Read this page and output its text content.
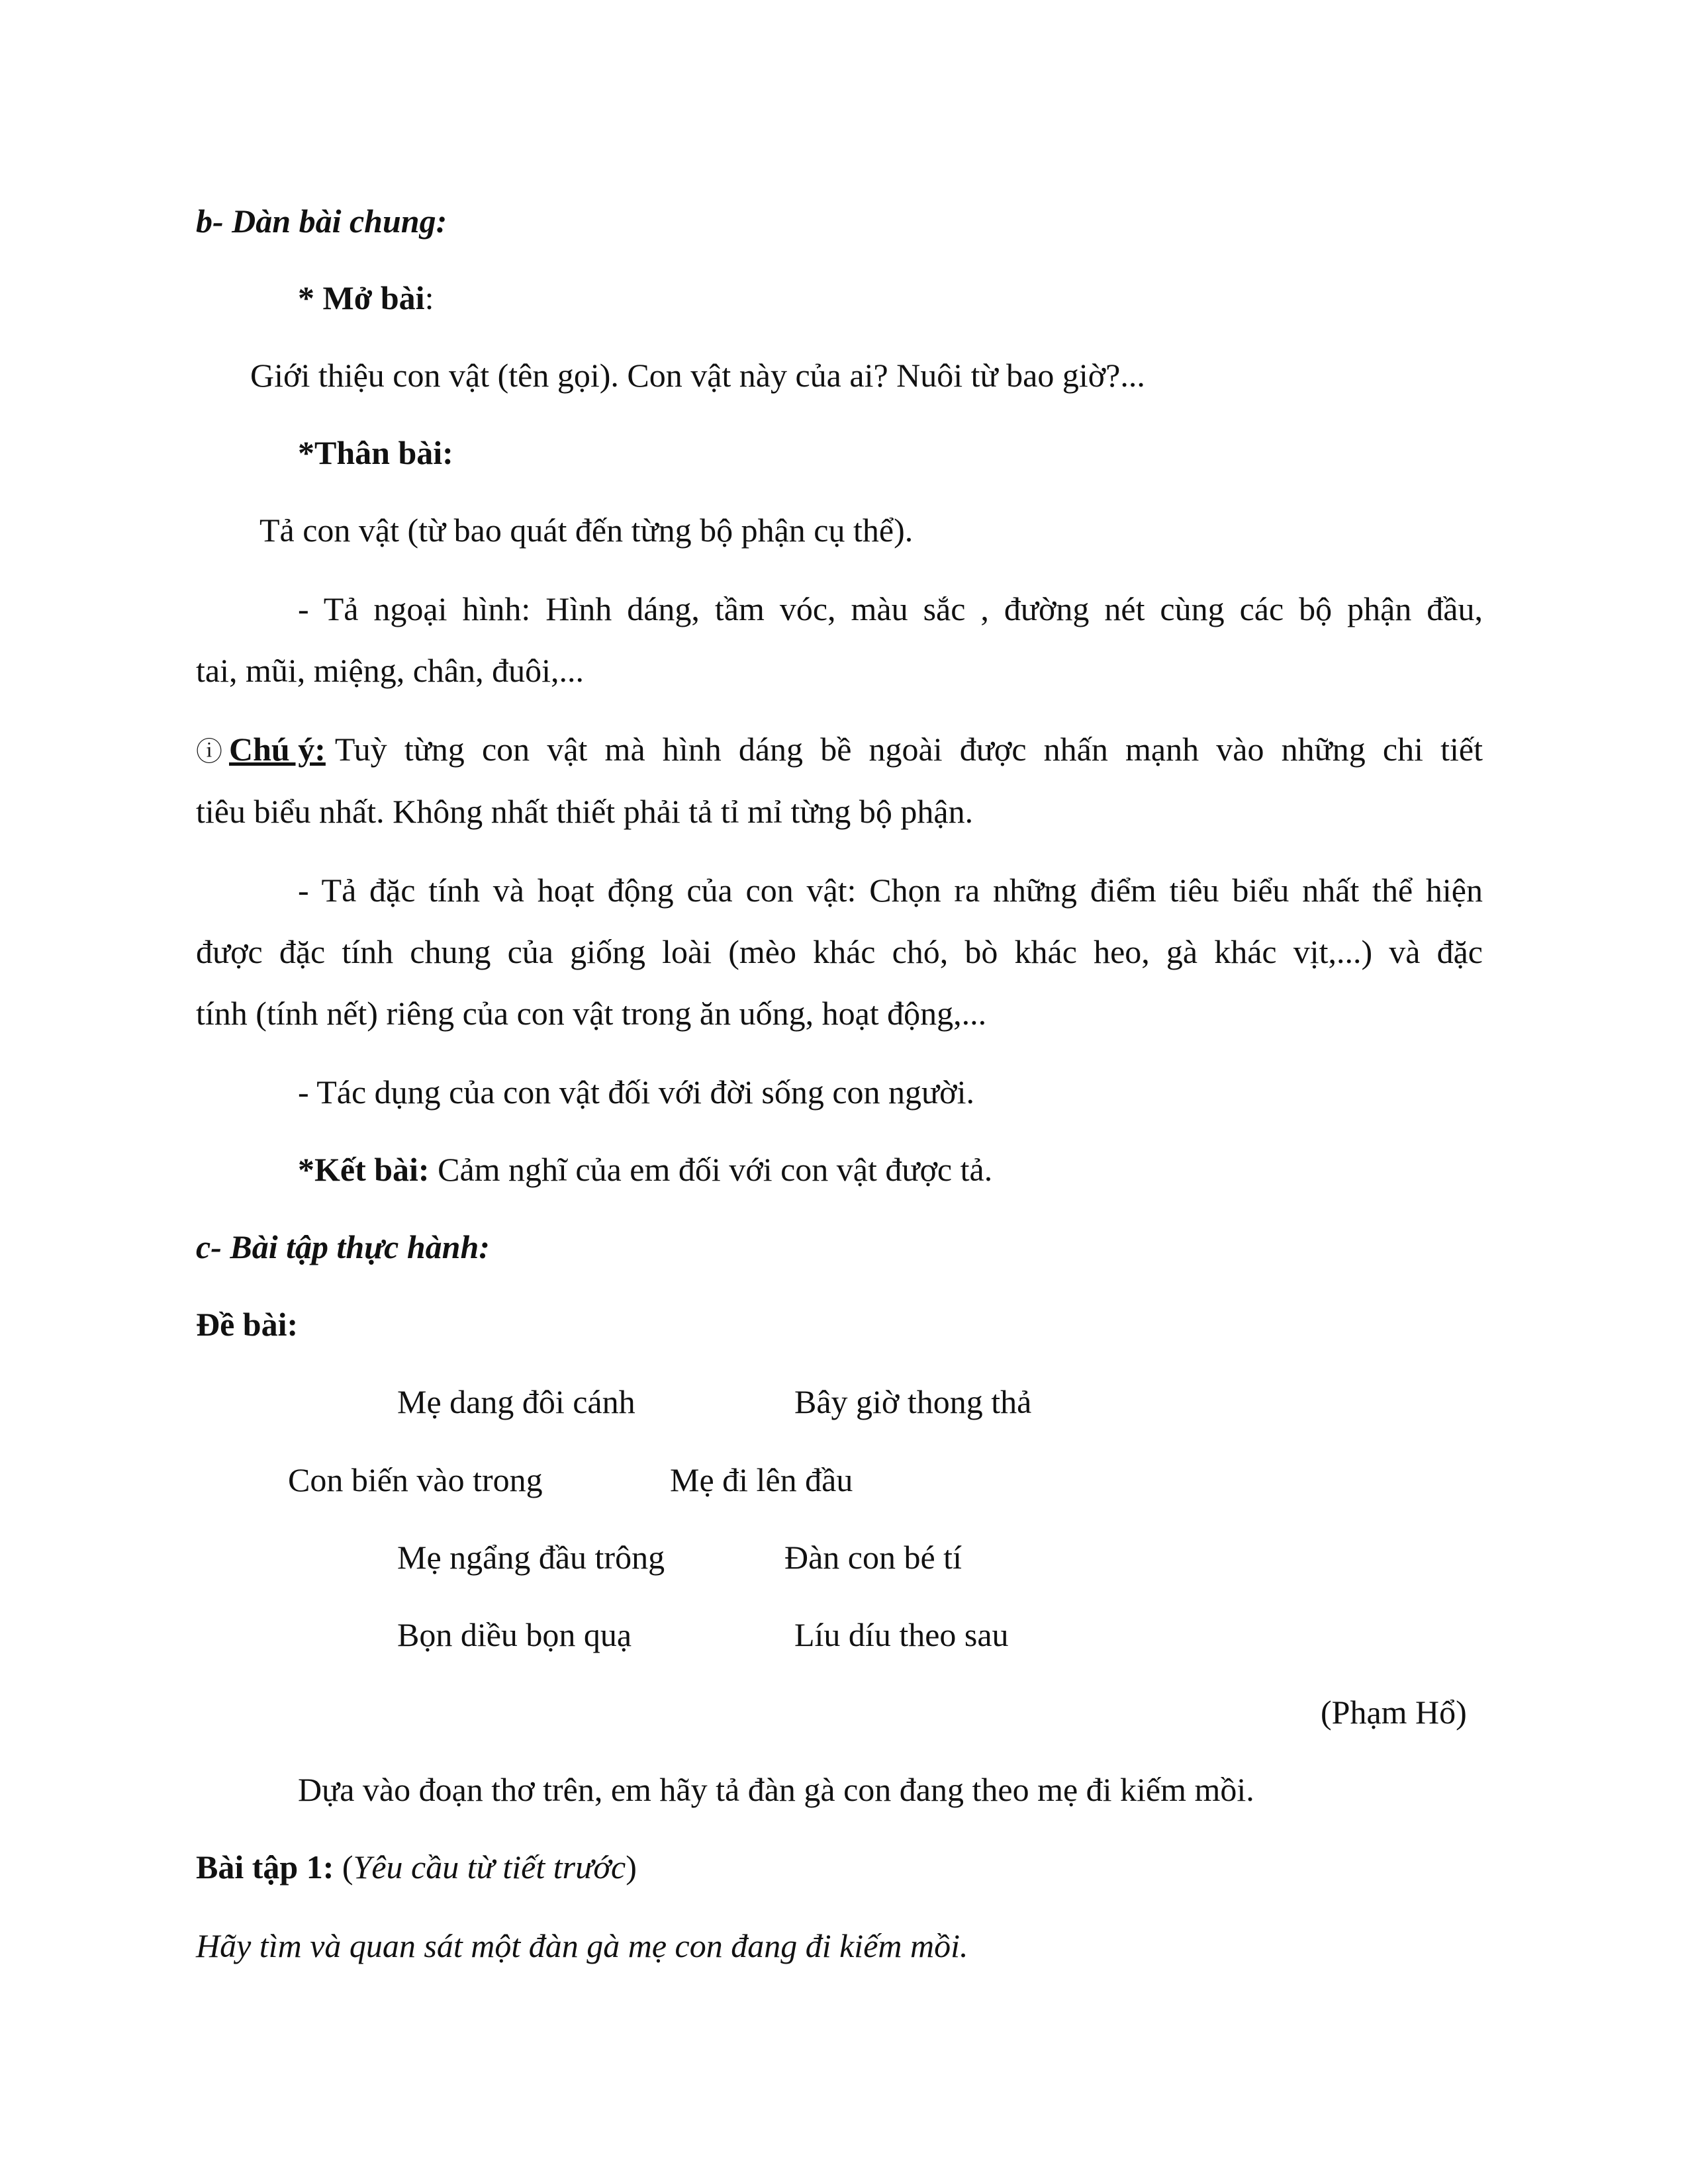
b- Dàn bài chung:
* Mở bài:
Giới thiệu con vật (tên gọi). Con vật này của ai? Nuôi từ bao giờ?...
*Thân bài:
Tả con vật (từ bao quát đến từng bộ phận cụ thể).
- Tả ngoại hình: Hình dáng, tầm vóc, màu sắc , đường nét cùng các bộ phận đầu,
tai, mũi, miệng, chân, đuôi,...
ⓘ Chú ý: Tuỳ từng con vật mà hình dáng bề ngoài được nhấn mạnh vào những chi tiết
tiêu biểu nhất. Không nhất thiết phải tả tỉ mỉ từng bộ phận.
- Tả đặc tính và hoạt động của con vật: Chọn ra những điểm tiêu biểu nhất thể hiện
được đặc tính chung của giống loài (mèo khác chó, bò khác heo, gà khác vịt,...) và đặc
tính (tính nết) riêng của con vật trong ăn uống, hoạt động,...
- Tác dụng của con vật đối với đời sống con người.
*Kết bài: Cảm nghĩ của em đối với con vật được tả.
c- Bài tập thực hành:
Đề bài:
Mẹ dang đôi cánh	Bây giờ thong thả
Con biến vào trong	Mẹ đi lên đầu
Mẹ ngẩng đầu trông	Đàn con bé tí
Bọn diều bọn quạ	Líu díu theo sau
(Phạm Hổ)
Dựa vào đoạn thơ trên, em hãy tả đàn gà con đang theo mẹ đi kiếm mồi.
Bài tập 1: (Yêu cầu từ tiết trước)
Hãy tìm và quan sát một đàn gà mẹ con đang đi kiếm mồi.
